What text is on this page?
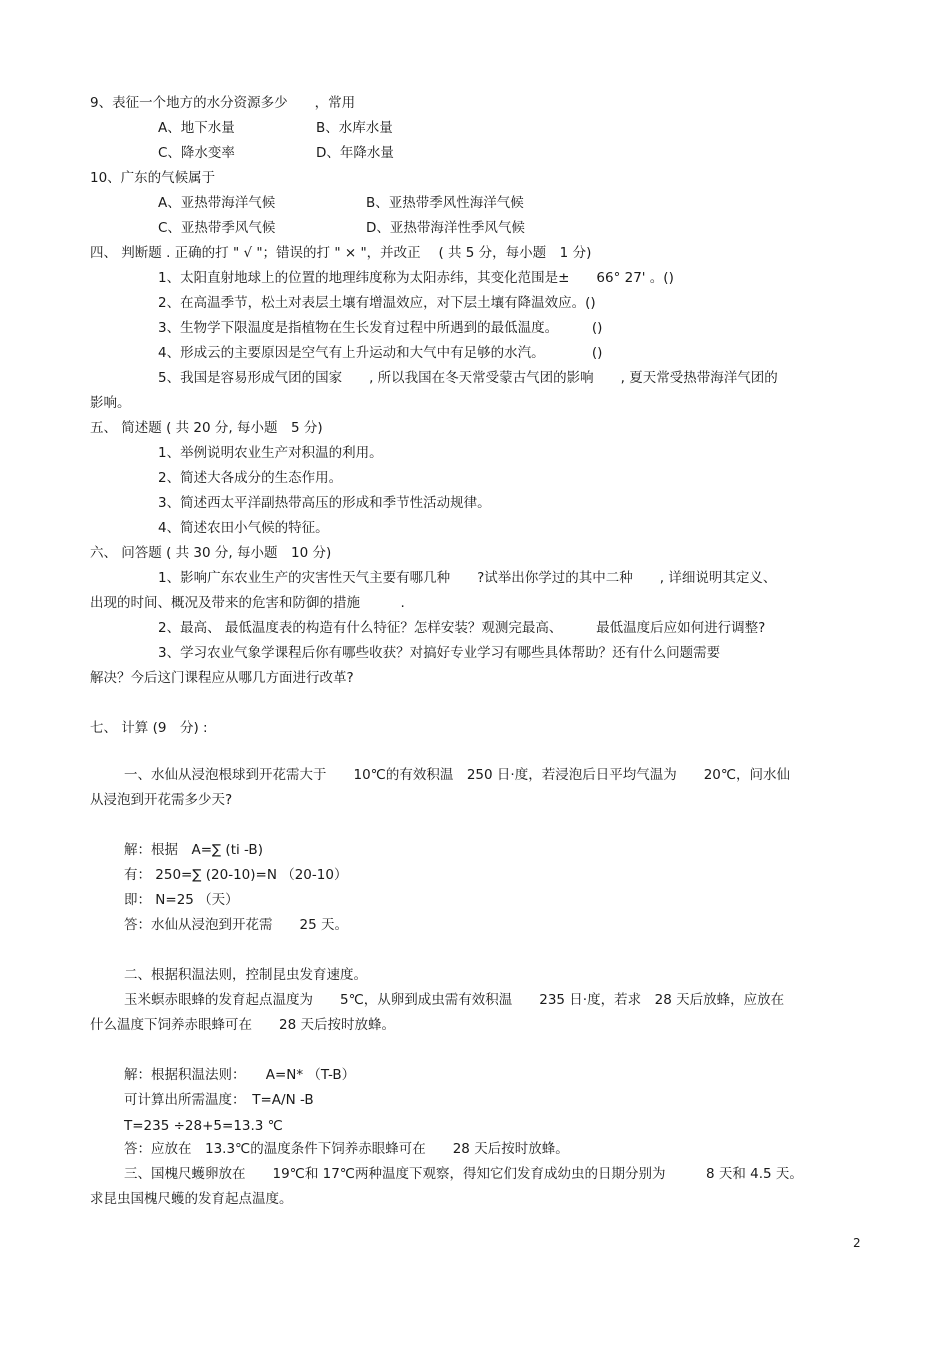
9、表征一个地方的水分资源多少　　，常用
A、地下水量	B、水库水量
C、降水变率	D、年降水量
10、广东的气候属于
A、亚热带海洋气候	B、亚热带季风性海洋气候
C、亚热带季风气候	D、亚热带海洋性季风气候
四、 判断题 . 正确的打 " √ "；错误的打 " × "，并改正 　( 共 5 分，每小题　1 分)
1、太阳直射地球上的位置的地理纬度称为太阳赤纬，其变化范围是±　　66° 27' 。()
2、在高温季节，松土对表层土壤有增温效应，对下层土壤有降温效应。()
3、生物学下限温度是指植物在生长发育过程中所遇到的最低温度。　　　()
4、形成云的主要原因是空气有上升运动和大气中有足够的水汽。　　　　()
5、我国是容易形成气团的国家　　, 所以我国在冬天常受蒙古气团的影响　　, 夏天常受热带海洋气团的
影响。
五、 简述题 ( 共 20 分, 每小题　5 分)
1、举例说明农业生产对积温的利用。
2、简述大各成分的生态作用。
3、简述西太平洋副热带高压的形成和季节性活动规律。
4、简述农田小气候的特征。
六、 问答题 ( 共 30 分, 每小题　10 分)
1、影响广东农业生产的灾害性天气主要有哪几种　　?试举出你学过的其中二种　　, 详细说明其定义、
出现的时间、概况及带来的危害和防御的措施　　　.
2、最高、 最低温度表的构造有什么特征？怎样安装？观测完最高、　　　最低温度后应如何进行调整?
3、学习农业气象学课程后你有哪些收获？对搞好专业学习有哪些具体帮助？还有什么问题需要
解决？今后这门课程应从哪几方面进行改革?
七、 计算 (9　分) :
一、水仙从浸泡根球到开花需大于　　10℃的有效积温　250 日·度，若浸泡后日平均气温为　　20℃，问水仙
从浸泡到开花需多少天?
解：根据　A=∑ (ti -B)
有： 250=∑ (20-10)=N （20-10）
即： N=25 （天）
答：水仙从浸泡到开花需　　25 天。
二、根据积温法则，控制昆虫发育速度。
玉米螟赤眼蜂的发育起点温度为　　5℃，从卵到成虫需有效积温　　235 日·度，若求　28 天后放蜂，应放在
什么温度下饲养赤眼蜂可在　　28 天后按时放蜂。
解：根据积温法则：　　A=N* （T-B）
可计算出所需温度：　T=A/N -B
T=235 ÷28+5=13.3 ℃
答：应放在　13.3℃的温度条件下饲养赤眼蜂可在　　28 天后按时放蜂。
三、国槐尺蠖卵放在　　19℃和 17℃两种温度下观察，得知它们发育成幼虫的日期分别为　　　8 天和 4.5 天。
求昆虫国槐尺蠖的发育起点温度。
2
